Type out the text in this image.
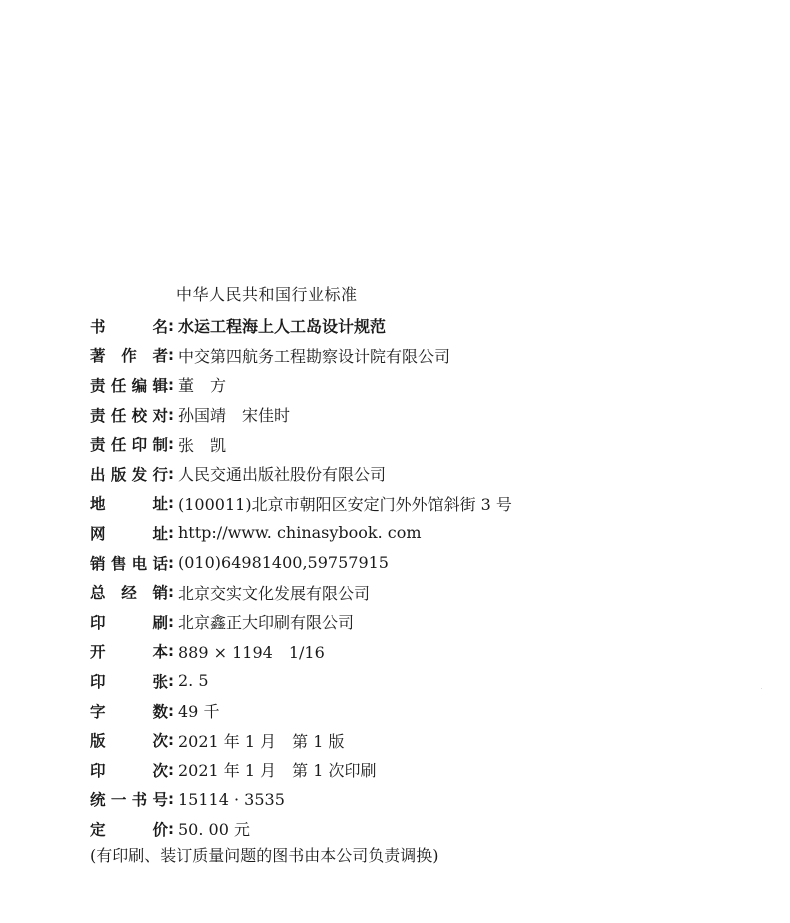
中华人民共和国行业标准
书	名 : 水运工程海上人工岛设计规范
著 作 者 : 中交第四航务工程勘察设计院有限公司
责 任 编 辑 : 董　方
责 任 校 对 : 孙国靖　宋佳时
责 任 印 制 : 张　凯
出 版 发 行 : 人民交通出版社股份有限公司
地	址 : (100011)北京市朝阳区安定门外外馆斜街 3 号
网	址 : http://www. chinasybook. com
销 售 电 话 : (010)64981400,59757915
总 经 销 : 北京交实文化发展有限公司
印	刷 : 北京鑫正大印刷有限公司
开	本 : 889 × 1194　1/16
印	张 : 2. 5
字	数 : 49 千
版	次 : 2021 年 1 月　第 1 版
印	次 : 2021 年 1 月　第 1 次印刷
统 一 书 号 : 15114 · 3535
定	价 : 50. 00 元
(有印刷、装订质量问题的图书由本公司负责调换)
